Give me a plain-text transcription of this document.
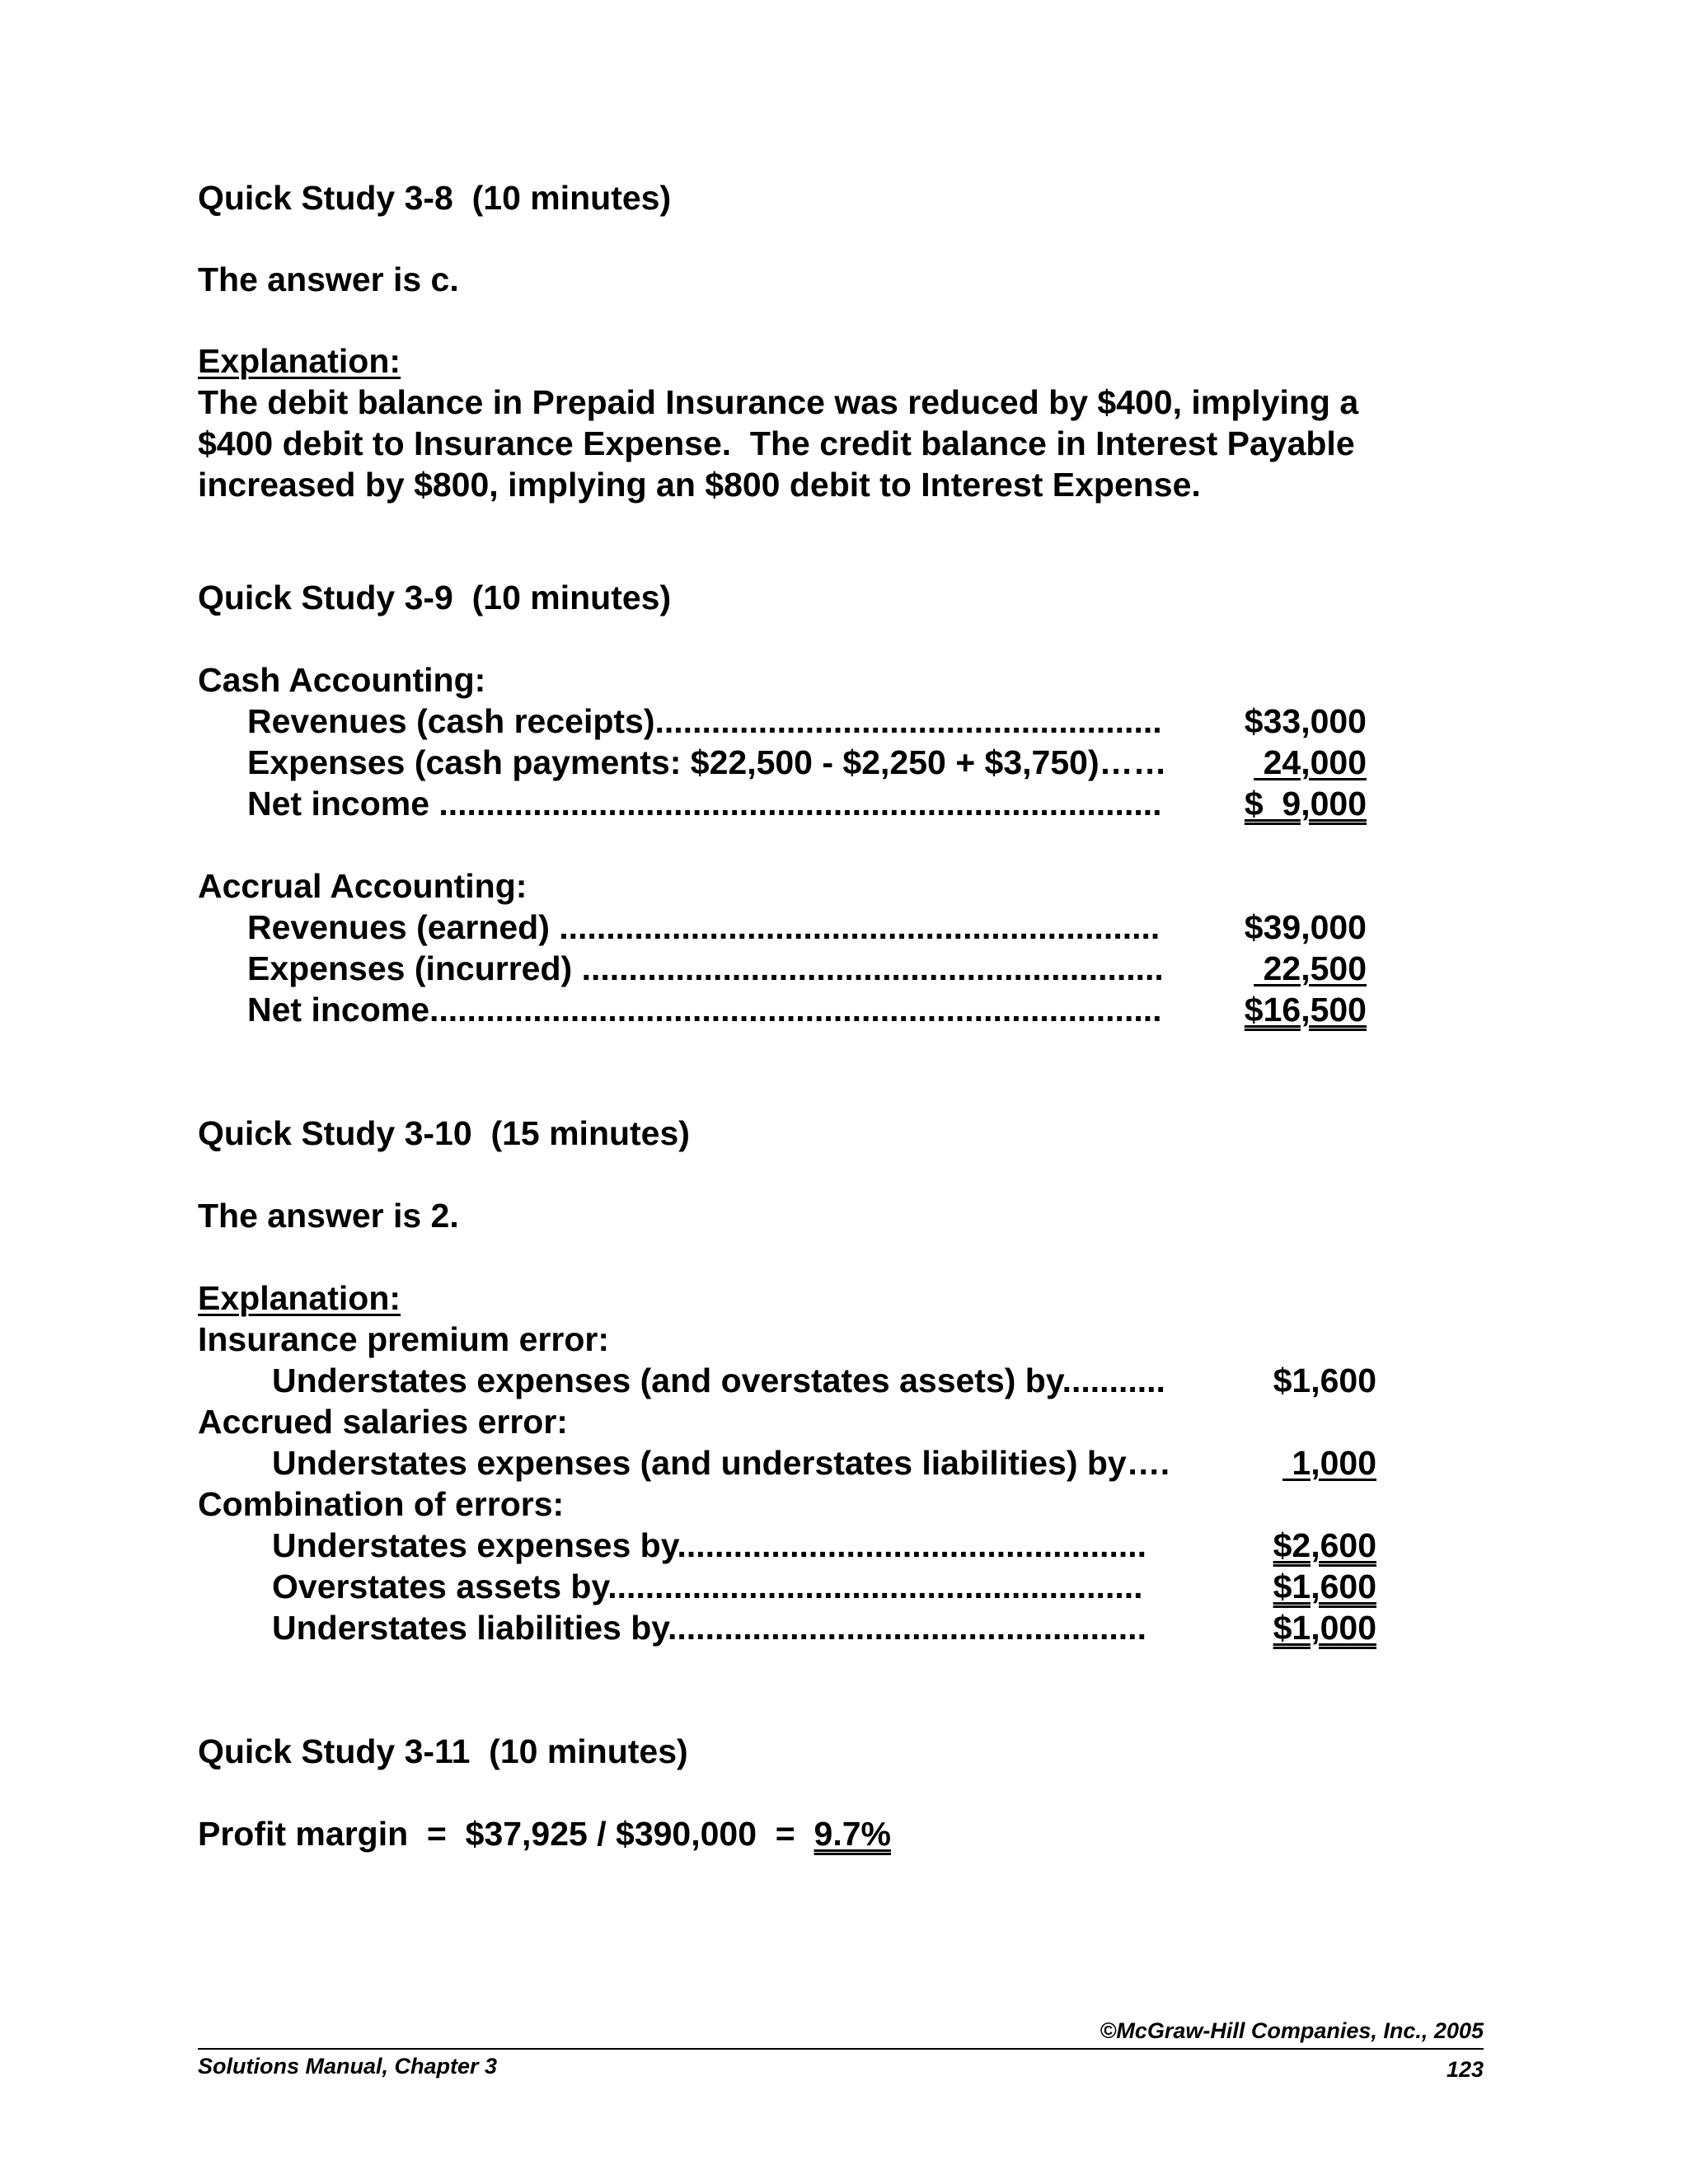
Quick Study 3-8  (10 minutes)
The answer is c.
Explanation:
The debit balance in Prepaid Insurance was reduced by $400, implying a
$400 debit to Insurance Expense.  The credit balance in Interest Payable
increased by $800, implying an $800 debit to Interest Expense.
Quick Study 3-9  (10 minutes)
Cash Accounting:
Revenues (cash receipts)...................................................... $33,000
Expenses (cash payments: $22,500 - $2,250 + $3,750)……	24,000
Net income ............................................................................. $  9,000
Accrual Accounting:
Revenues (earned) ................................................................	$39,000
Expenses (incurred) ..............................................................	22,500
Net income.............................................................................. $16,500
Quick Study 3-10  (15 minutes)
The answer is 2.
Explanation:
Insurance premium error:
Understates expenses (and overstates assets) by...........	$1,600
Accrued salaries error:
Understates expenses (and understates liabilities) by….	1,000
Combination of errors:
Understates expenses by..................................................	$2,600
Overstates assets by.........................................................	$1,600
Understates liabilities by...................................................	$1,000
Quick Study 3-11  (10 minutes)
Profit margin  =  $37,925 / $390,000  =  9.7%
©McGraw-Hill Companies, Inc., 2005
Solutions Manual, Chapter 3	123
